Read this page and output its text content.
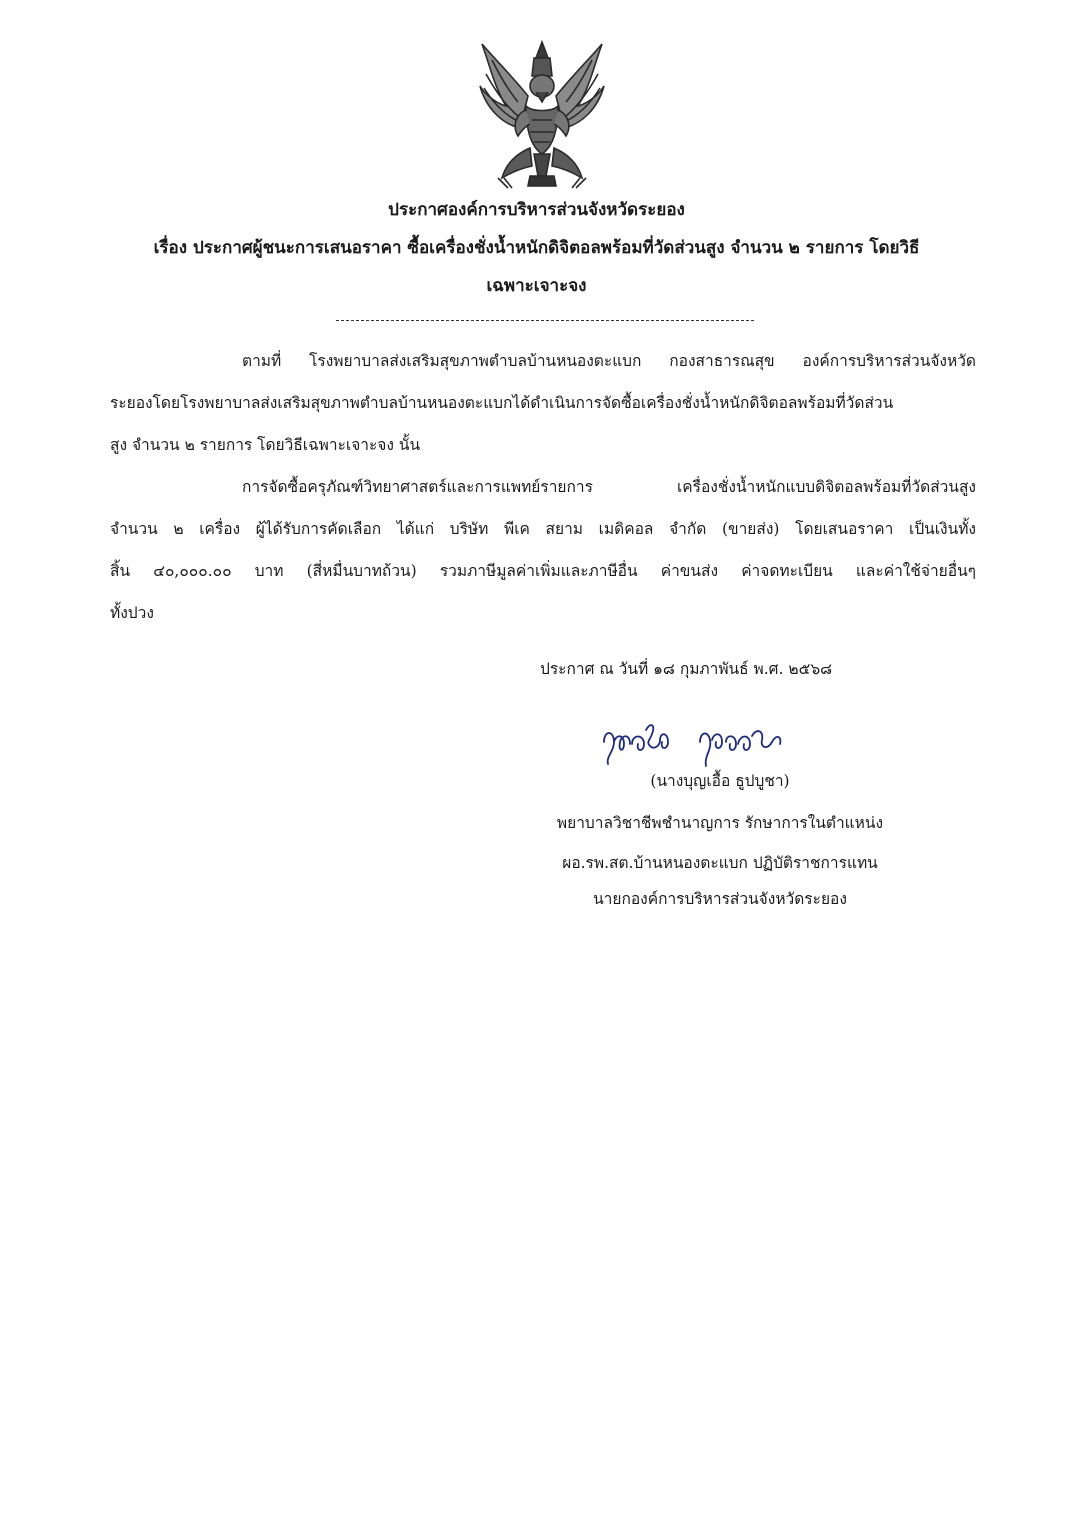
ประกาศองค์การบริหารส่วนจังหวัดระยอง
เรื่อง ประกาศผู้ชนะการเสนอราคา ซื้อเครื่องชั่งน้ำหนักดิจิตอลพร้อมที่วัดส่วนสูง จำนวน ๒ รายการ โดยวิธี
เฉพาะเจาะจง
ตามที่ โรงพยาบาลส่งเสริมสุขภาพตำบลบ้านหนองตะแบก กองสาธารณสุข องค์การบริหารส่วนจังหวัด
ระยองโดยโรงพยาบาลส่งเสริมสุขภาพตำบลบ้านหนองตะแบกได้ดำเนินการจัดซื้อเครื่องชั่งน้ำหนักดิจิตอลพร้อมที่วัดส่วน
สูง จำนวน ๒ รายการ โดยวิธีเฉพาะเจาะจง นั้น
การจัดซื้อครุภัณฑ์วิทยาศาสตร์และการแพทย์รายการ เครื่องชั่งน้ำหนักแบบดิจิตอลพร้อมที่วัดส่วนสูง
จำนวน ๒ เครื่อง ผู้ได้รับการคัดเลือก ได้แก่ บริษัท พีเค สยาม เมดิคอล จำกัด (ขายส่ง) โดยเสนอราคา เป็นเงินทั้ง
สิ้น ๔๐,๐๐๐.๐๐ บาท (สี่หมื่นบาทถ้วน) รวมภาษีมูลค่าเพิ่มและภาษีอื่น ค่าขนส่ง ค่าจดทะเบียน และค่าใช้จ่ายอื่นๆ
ทั้งปวง
ประกาศ ณ วันที่ ๑๘ กุมภาพันธ์ พ.ศ. ๒๕๖๘
(นางบุญเอื้อ ธูปบูชา)
พยาบาลวิชาชีพชำนาญการ รักษาการในตำแหน่ง
ผอ.รพ.สต.บ้านหนองตะแบก ปฏิบัติราชการแทน
นายกองค์การบริหารส่วนจังหวัดระยอง
